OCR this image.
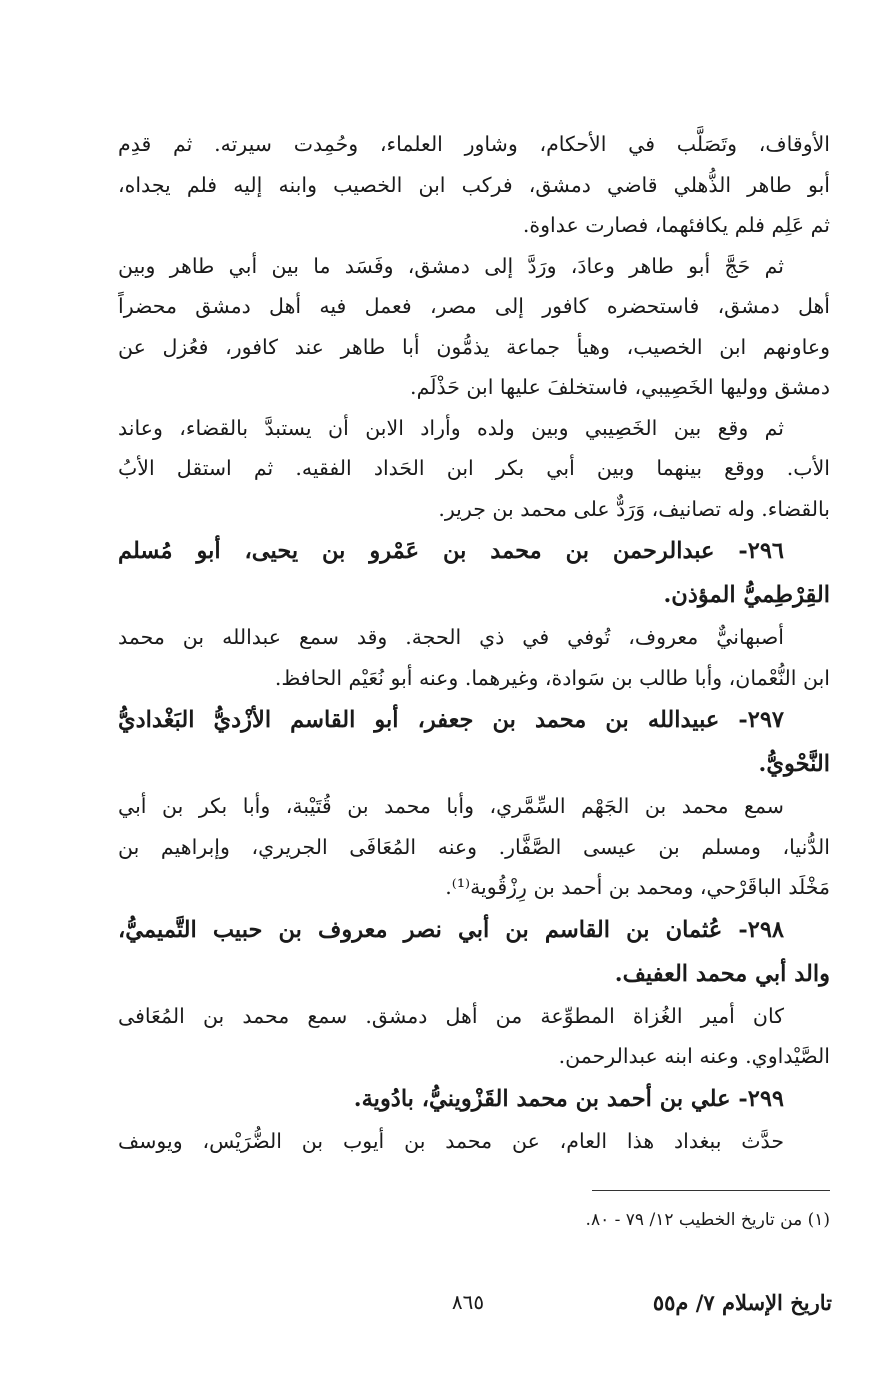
الأوقاف، وتَصَلَّب في الأحكام، وشاور العلماء، وحُمِدت سيرته. ثم قدِم
أبو طاهر الذُّهلي قاضي دمشق، فركب ابن الخصيب وابنه إليه فلم يجداه،
ثم عَلِم فلم يكافئهما، فصارت عداوة.
ثم حَجَّ أبو طاهر وعادَ، ورَدَّ إلى دمشق، وفَسَد ما بين أبي طاهر وبين
أهل دمشق، فاستحضره كافور إلى مصر، فعمل فيه أهل دمشق محضراً
وعاونهم ابن الخصيب، وهيأ جماعة يذمُّون أبا طاهر عند كافور، فعُزل عن
دمشق ووليها الخَصِيبي، فاستخلفَ عليها ابن حَذْلَم.
ثم وقع بين الخَصِيبي وبين ولده وأراد الابن أن يستبدَّ بالقضاء، وعاند
الأب. ووقع بينهما وبين أبي بكر ابن الحَداد الفقيه. ثم استقل الأبُ
بالقضاء. وله تصانيف، وَرَدٌّ على محمد بن جرير.
٢٩٦- عبدالرحمن بن محمد بن عَمْرو بن يحيى، أبو مُسلم
القِرْطِميُّ المؤذن.
أصبهانيٌّ معروف، تُوفي في ذي الحجة. وقد سمع عبدالله بن محمد
ابن النُّعْمان، وأبا طالب بن سَوادة، وغيرهما. وعنه أبو نُعَيْم الحافظ.
٢٩٧- عبيدالله بن محمد بن جعفر، أبو القاسم الأزْديُّ البَغْداديُّ
النَّحْويُّ.
سمع محمد بن الجَهْم السِّمَّري، وأبا محمد بن قُتَيْبة، وأبا بكر بن أبي
الدُّنيا، ومسلم بن عيسى الصَّفَّار. وعنه المُعَافَى الجريري، وإبراهيم بن
مَخْلَد الباقَرْحي، ومحمد بن أحمد بن رِزْقُوية⁽¹⁾.
٢٩٨- عُثمان بن القاسم بن أبي نصر معروف بن حبيب التَّميميُّ،
والد أبي محمد العفيف.
كان أمير الغُزاة المطوِّعة من أهل دمشق. سمع محمد بن المُعَافى
الصَّيْداوي. وعنه ابنه عبدالرحمن.
٢٩٩- علي بن أحمد بن محمد القَزْوينيُّ، بادُوية.
حدَّث ببغداد هذا العام، عن محمد بن أيوب بن الضُّرَيْس، ويوسف
(١) من تاريخ الخطيب ١٢/ ٧٩ - ٨٠.
تاريخ الإسلام ٧/ م٥٥
٨٦٥
